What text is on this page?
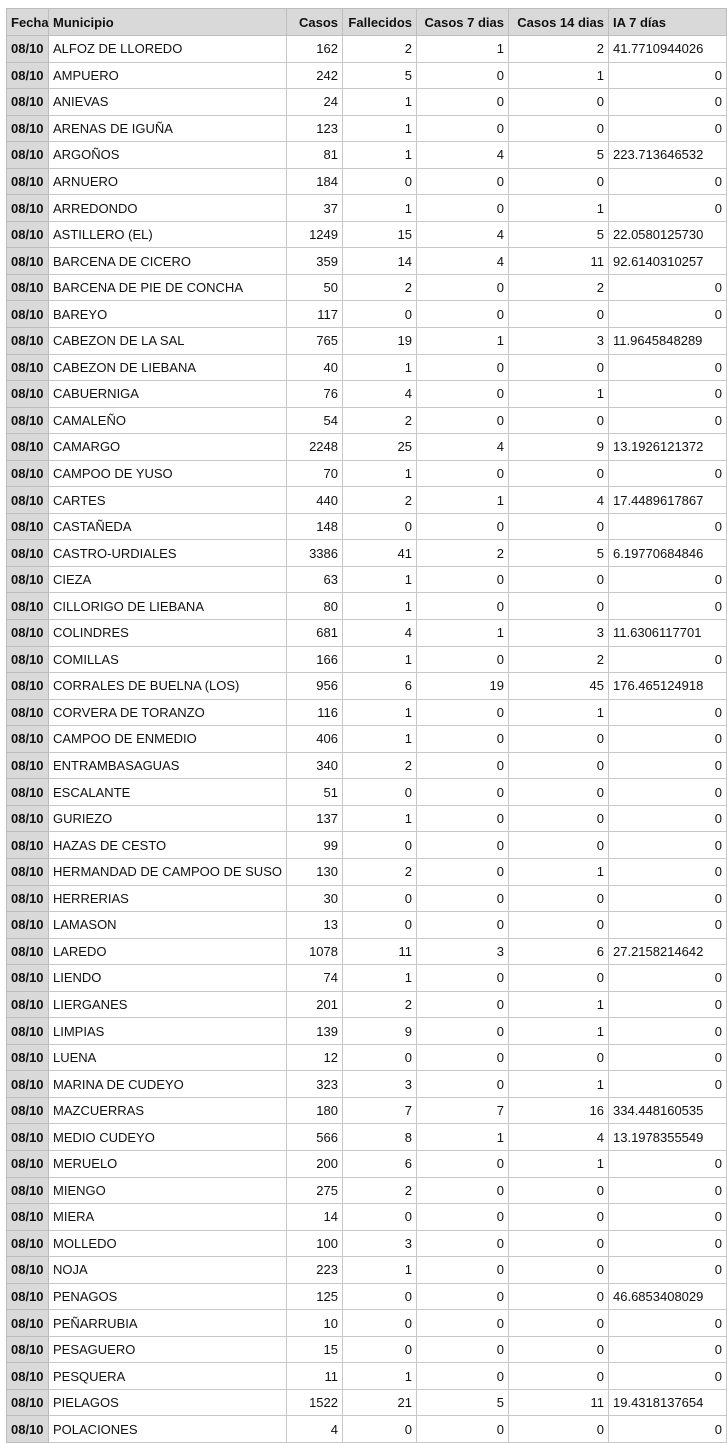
Fecha	Municipio	Casos	Fallecidos	Casos 7 dias	Casos 14 dias	IA 7 días
08/10	ALFOZ DE LLOREDO	162	2	1	2	41.7710944026
08/10	AMPUERO	242	5	0	1	0
08/10	ANIEVAS	24	1	0	0	0
08/10	ARENAS DE IGUÑA	123	1	0	0	0
08/10	ARGOÑOS	81	1	4	5	223.713646532
08/10	ARNUERO	184	0	0	0	0
08/10	ARREDONDO	37	1	0	1	0
08/10	ASTILLERO (EL)	1249	15	4	5	22.0580125730
08/10	BARCENA DE CICERO	359	14	4	11	92.6140310257
08/10	BARCENA DE PIE DE CONCHA	50	2	0	2	0
08/10	BAREYO	117	0	0	0	0
08/10	CABEZON DE LA SAL	765	19	1	3	11.9645848289
08/10	CABEZON DE LIEBANA	40	1	0	0	0
08/10	CABUERNIGA	76	4	0	1	0
08/10	CAMALEÑO	54	2	0	0	0
08/10	CAMARGO	2248	25	4	9	13.1926121372
08/10	CAMPOO DE YUSO	70	1	0	0	0
08/10	CARTES	440	2	1	4	17.4489617867
08/10	CASTAÑEDA	148	0	0	0	0
08/10	CASTRO-URDIALES	3386	41	2	5	6.19770684846
08/10	CIEZA	63	1	0	0	0
08/10	CILLORIGO DE LIEBANA	80	1	0	0	0
08/10	COLINDRES	681	4	1	3	11.6306117701
08/10	COMILLAS	166	1	0	2	0
08/10	CORRALES DE BUELNA (LOS)	956	6	19	45	176.465124918
08/10	CORVERA DE TORANZO	116	1	0	1	0
08/10	CAMPOO DE ENMEDIO	406	1	0	0	0
08/10	ENTRAMBASAGUAS	340	2	0	0	0
08/10	ESCALANTE	51	0	0	0	0
08/10	GURIEZO	137	1	0	0	0
08/10	HAZAS DE CESTO	99	0	0	0	0
08/10	HERMANDAD DE CAMPOO DE SUSO	130	2	0	1	0
08/10	HERRERIAS	30	0	0	0	0
08/10	LAMASON	13	0	0	0	0
08/10	LAREDO	1078	11	3	6	27.2158214642
08/10	LIENDO	74	1	0	0	0
08/10	LIERGANES	201	2	0	1	0
08/10	LIMPIAS	139	9	0	1	0
08/10	LUENA	12	0	0	0	0
08/10	MARINA DE CUDEYO	323	3	0	1	0
08/10	MAZCUERRAS	180	7	7	16	334.448160535
08/10	MEDIO CUDEYO	566	8	1	4	13.1978355549
08/10	MERUELO	200	6	0	1	0
08/10	MIENGO	275	2	0	0	0
08/10	MIERA	14	0	0	0	0
08/10	MOLLEDO	100	3	0	0	0
08/10	NOJA	223	1	0	0	0
08/10	PENAGOS	125	0	0	0	46.6853408029
08/10	PEÑARRUBIA	10	0	0	0	0
08/10	PESAGUERO	15	0	0	0	0
08/10	PESQUERA	11	1	0	0	0
08/10	PIELAGOS	1522	21	5	11	19.4318137654
08/10	POLACIONES	4	0	0	0	0
